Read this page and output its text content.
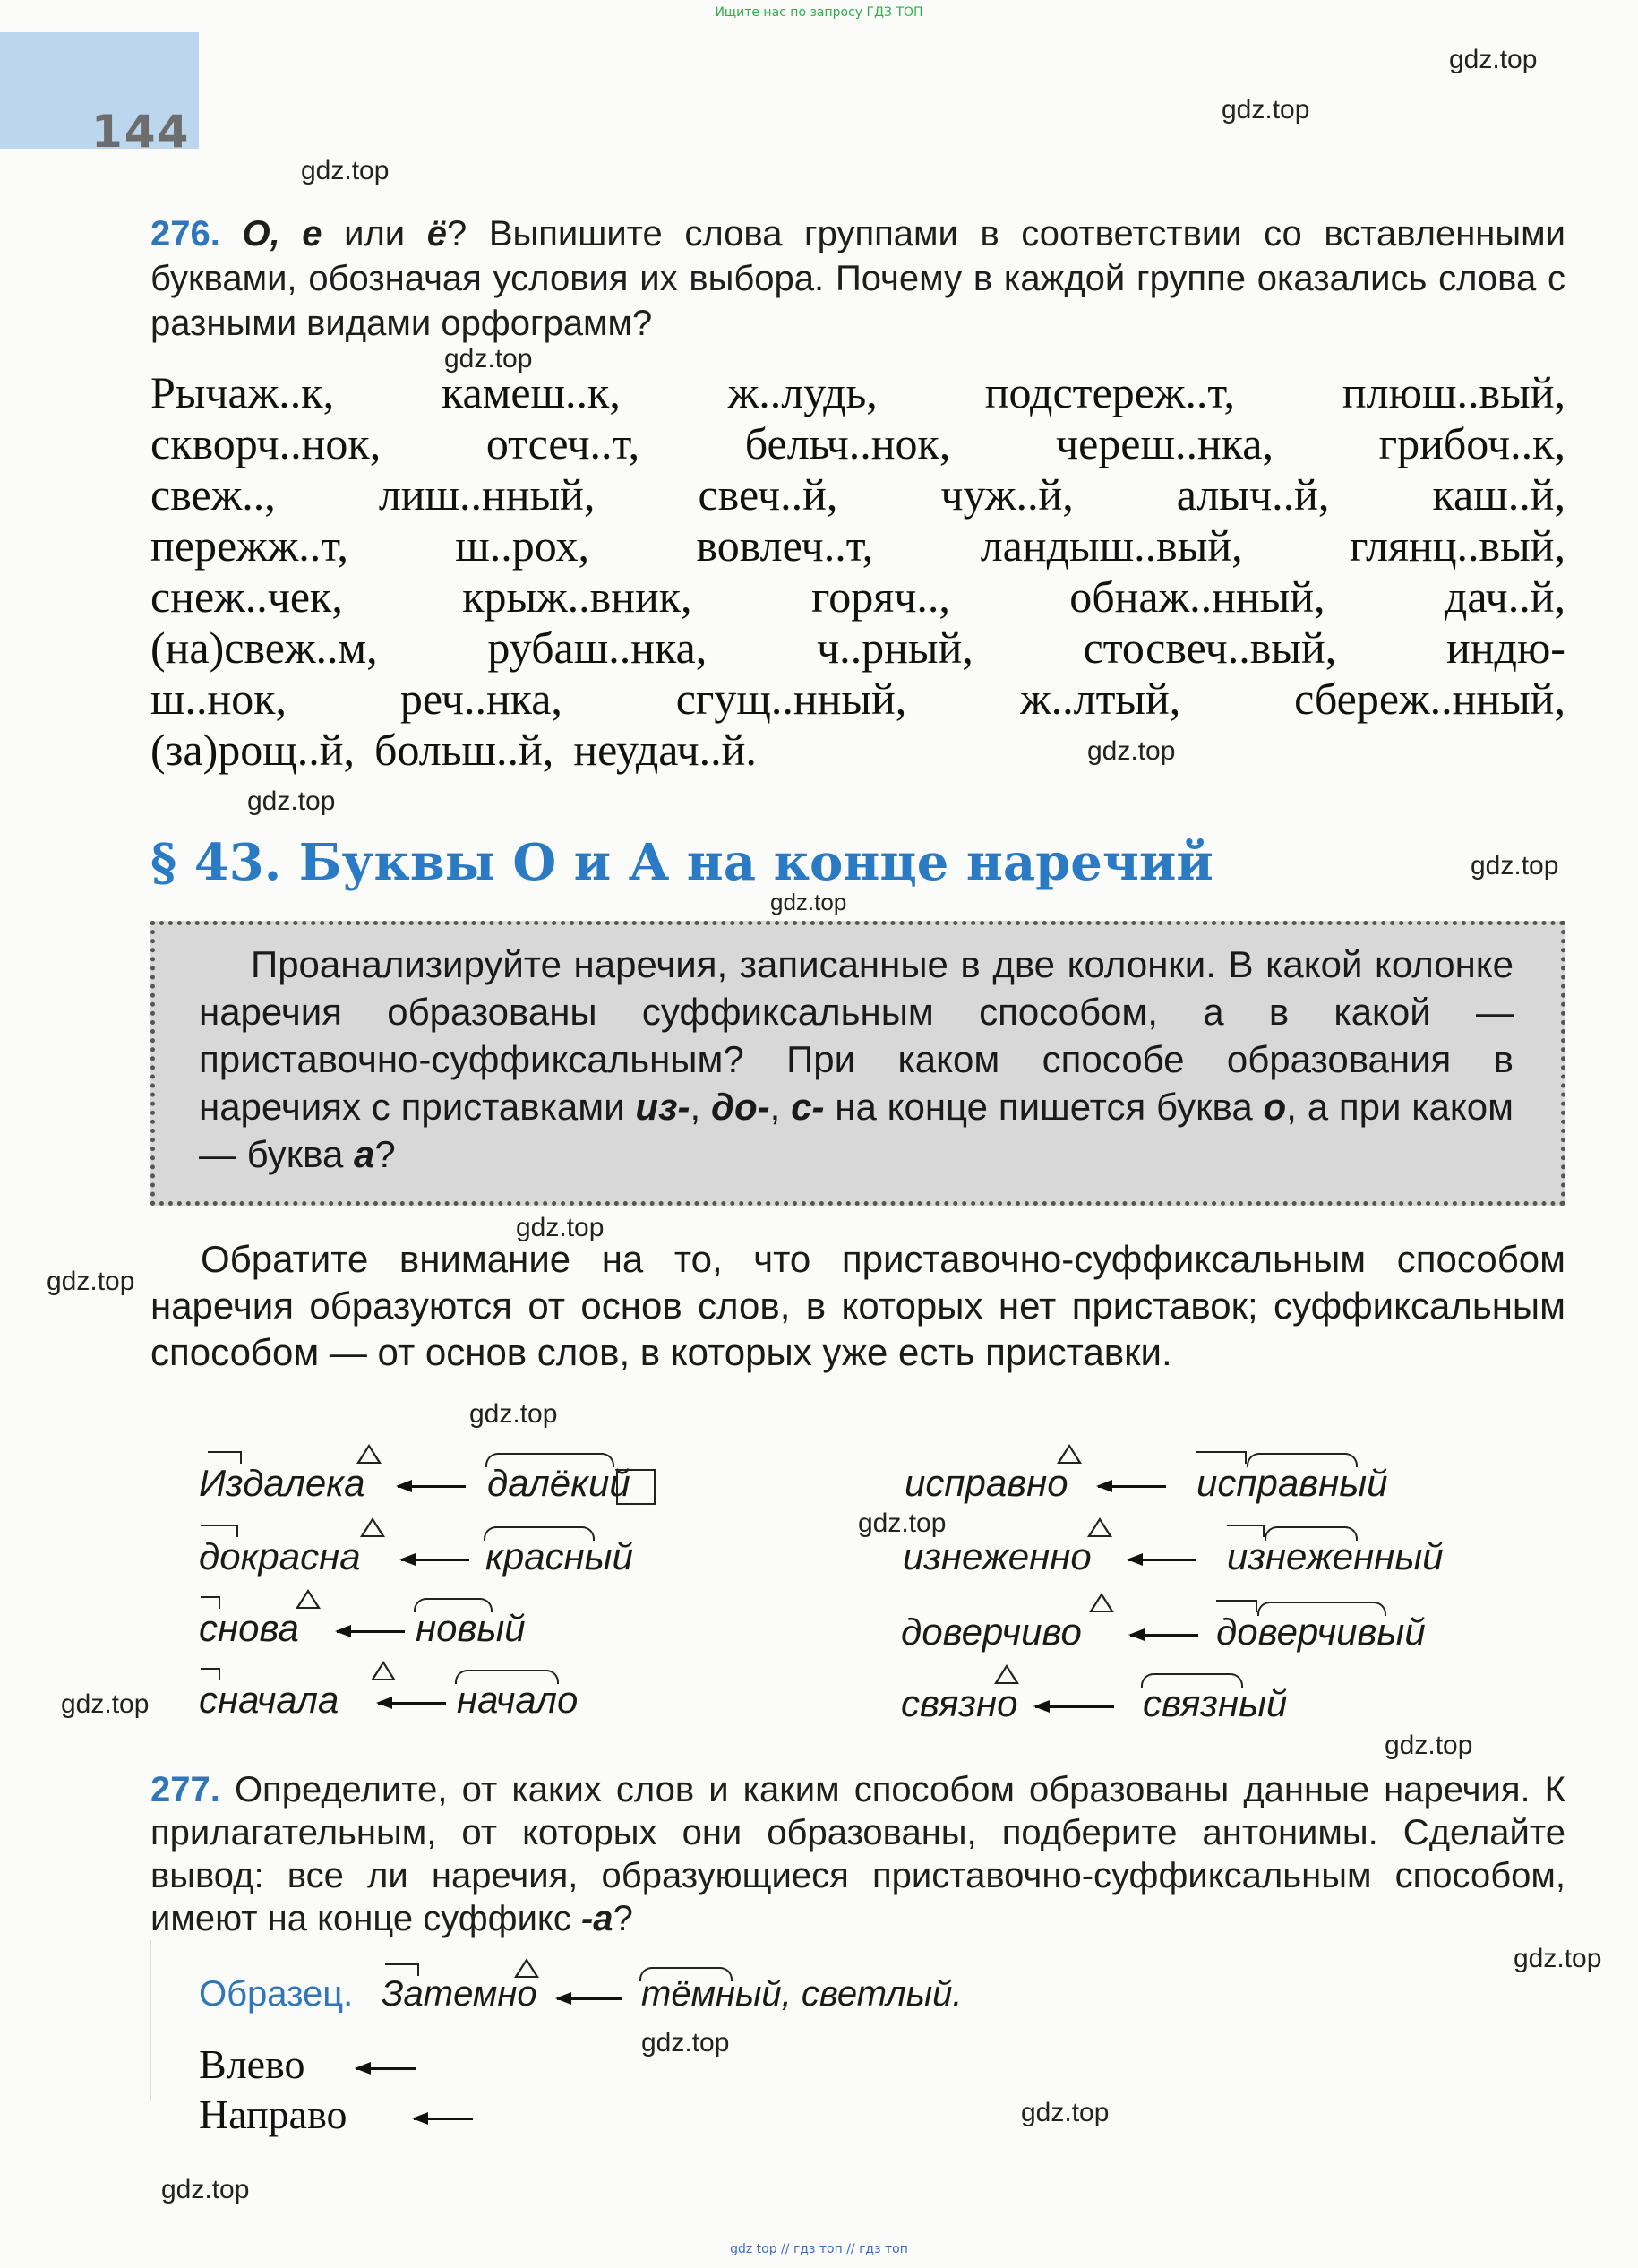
Ищите нас по запросу ГДЗ ТОП
144
gdz.top
gdz.top
gdz.top
gdz.top
gdz.top
gdz.top
gdz.top
gdz.top
gdz.top
gdz.top
gdz.top
gdz.top
gdz.top
gdz.top
gdz.top
gdz.top
gdz.top
gdz.top
276. О, е или ё? Выпишите слова группами в соответствии со вставленными буквами, обозначая условия их выбора. Почему в каждой группе оказались слова с разными видами орфограмм?
Рычаж..к, камеш..к, ж..лудь, подстереж..т, плюш..вый,
скворч..нок, отсеч..т, бельч..нок, череш..нка, грибоч..к,
свеж.., лиш..нный, свеч..й, чуж..й, алыч..й, каш..й,
пережж..т, ш..рох, вовлеч..т, ландыш..вый, глянц..вый,
снеж..чек,	крыж..вник,	горяч..,	обнаж..нный,	дач..й,
(на)свеж..м, рубаш..нка, ч..рный, стосвеч..вый, индю-
ш..нок,	реч..нка,	сгущ..нный,	ж..лтый,	сбереж..нный,
(за)рощ..й, больш..й, неудач..й.
§ 43. Буквы О и А на конце наречий
Проанализируйте наречия, записанные в две колонки. В какой колонке наречия образованы суффиксальным способом, а в какой — приставочно-суффиксальным? При каком способе образования в наречиях с приставками из-, до-, с- на конце пишется буква о, а при каком — буква а?
Обратите внимание на то, что приставочно-суффиксальным способом наречия образуются от основ слов, в которых нет приставок; суффиксальным способом — от основ слов, в которых уже есть приставки.
Издалека	далёкий
докрасна	красный
снова	новый
сначала	начало
исправно	исправный
изнеженно	изнеженный
доверчиво	доверчивый
связно	связный
277. Определите, от каких слов и каким способом образованы данные наречия. К прилагательным, от которых они образованы, подберите антонимы. Сделайте вывод: все ли наречия, образующиеся приставочно-суффиксальным способом, имеют на конце суффикс -а?
Образец. Затемно	тёмный, светлый.
Влево
Направо
gdz top // гдз топ // гдз топ
